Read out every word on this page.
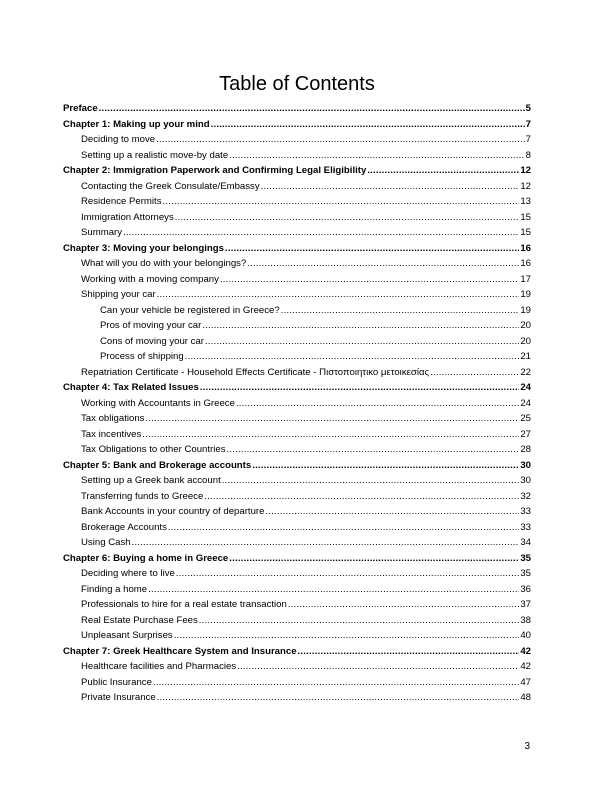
Table of Contents
Preface .....	5
Chapter 1: Making up your mind .....	7
Deciding to move .....	7
Setting up a realistic move-by date .....	8
Chapter 2: Immigration Paperwork and Confirming Legal Eligibility .....	12
Contacting the Greek Consulate/Embassy .....	12
Residence Permits .....	13
Immigration Attorneys .....	15
Summary .....	15
Chapter 3: Moving your belongings .....	16
What will you do with your belongings? .....	16
Working with a moving company .....	17
Shipping your car .....	19
Can your vehicle be registered in Greece? .....	19
Pros of moving your car .....	20
Cons of moving your car .....	20
Process of shipping .....	21
Repatriation Certificate - Household Effects Certificate - Πιστοποιητικο μετοικεσίας .....	22
Chapter 4: Tax Related Issues .....	24
Working with Accountants in Greece .....	24
Tax obligations .....	25
Tax incentives .....	27
Tax Obligations to other Countries .....	28
Chapter 5: Bank and Brokerage accounts .....	30
Setting up a Greek bank account .....	30
Transferring funds to Greece .....	32
Bank Accounts in your country of departure .....	33
Brokerage Accounts .....	33
Using Cash .....	34
Chapter 6: Buying a home in Greece .....	35
Deciding where to live .....	35
Finding a home .....	36
Professionals to hire for a real estate transaction .....	37
Real Estate Purchase Fees .....	38
Unpleasant Surprises .....	40
Chapter 7: Greek Healthcare System and Insurance .....	42
Healthcare facilities and Pharmacies .....	42
Public Insurance .....	47
Private Insurance .....	48
3
